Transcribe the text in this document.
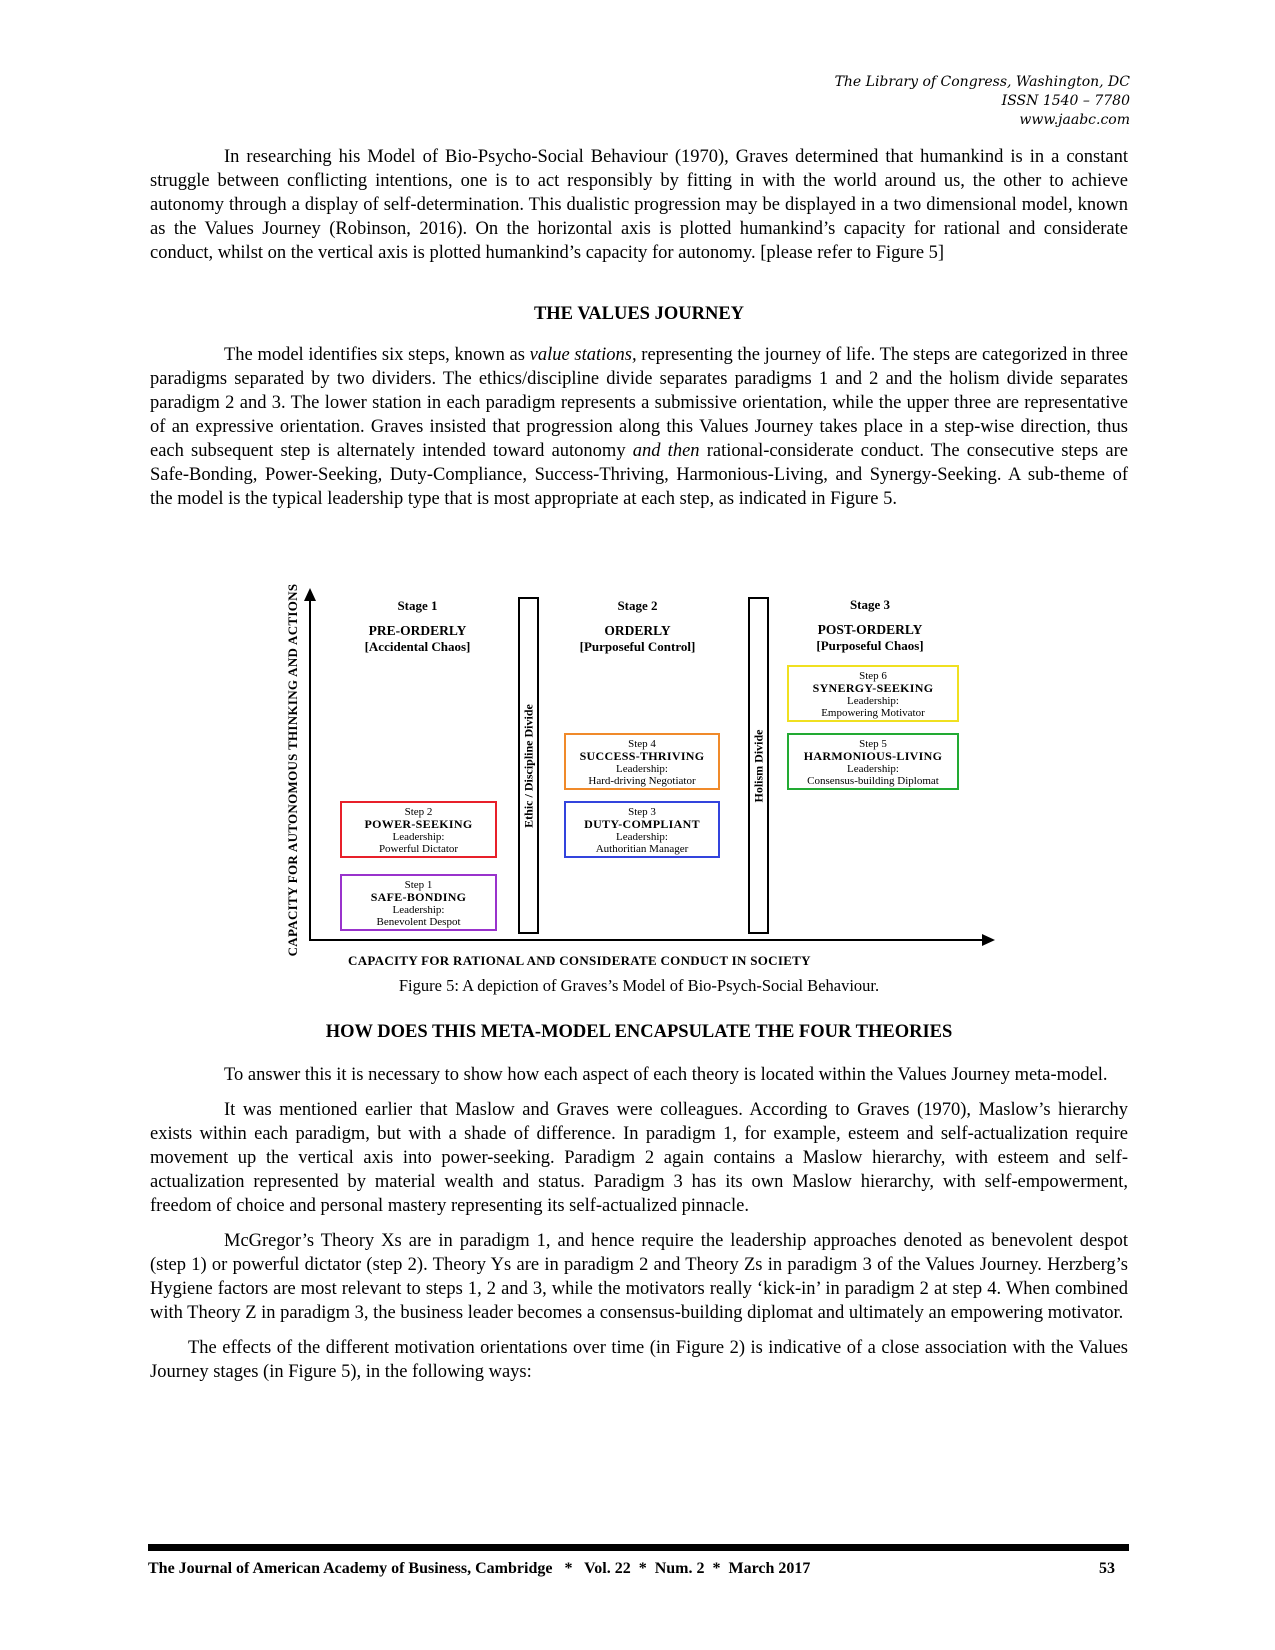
The Library of Congress, Washington, DC
ISSN 1540 – 7780
www.jaabc.com

In researching his Model of Bio-Psycho-Social Behaviour (1970), Graves determined that humankind is in a constant struggle between conflicting intentions, one is to act responsibly by fitting in with the world around us, the other to achieve autonomy through a display of self-determination. This dualistic progression may be displayed in a two dimensional model, known as the Values Journey (Robinson, 2016). On the horizontal axis is plotted humankind’s capacity for rational and considerate conduct, whilst on the vertical axis is plotted humankind’s capacity for autonomy. [please refer to Figure 5]

THE VALUES JOURNEY

The model identifies six steps, known as value stations, representing the journey of life. The steps are categorized in three paradigms separated by two dividers. The ethics/discipline divide separates paradigms 1 and 2 and the holism divide separates paradigm 2 and 3. The lower station in each paradigm represents a submissive orientation, while the upper three are representative of an expressive orientation. Graves insisted that progression along this Values Journey takes place in a step-wise direction, thus each subsequent step is alternately intended toward autonomy and then rational-considerate conduct. The consecutive steps are Safe-Bonding, Power-Seeking, Duty-Compliance, Success-Thriving, Harmonious-Living, and Synergy-Seeking. A sub-theme of the model is the typical leadership type that is most appropriate at each step, as indicated in Figure 5.

CAPACITY FOR AUTONOMOUS THINKING AND ACTIONS
CAPACITY FOR RATIONAL AND CONSIDERATE CONDUCT IN SOCIETY
Stage 1
PRE-ORDERLY
[Accidental Chaos]
Stage 2
ORDERLY
[Purposeful Control]
Stage 3
POST-ORDERLY
[Purposeful Chaos]
Ethic / Discipline Divide	Holism Divide
Step 1
SAFE-BONDING
Leadership:
Benevolent Despot
Step 2
POWER-SEEKING
Leadership:
Powerful Dictator
Step 3
DUTY-COMPLIANT
Leadership:
Authoritian Manager
Step 4
SUCCESS-THRIVING
Leadership:
Hard-driving Negotiator
Step 5
HARMONIOUS-LIVING
Leadership:
Consensus-building Diplomat
Step 6
SYNERGY-SEEKING
Leadership:
Empowering Motivator
Figure 5: A depiction of Graves’s Model of Bio-Psych-Social Behaviour.
HOW DOES THIS META-MODEL ENCAPSULATE THE FOUR THEORIES

To answer this it is necessary to show how each aspect of each theory is located within the Values Journey meta-model.

It was mentioned earlier that Maslow and Graves were colleagues. According to Graves (1970), Maslow’s hierarchy exists within each paradigm, but with a shade of difference. In paradigm 1, for example, esteem and self-actualization require movement up the vertical axis into power-seeking. Paradigm 2 again contains a Maslow hierarchy, with esteem and self-actualization represented by material wealth and status. Paradigm 3 has its own Maslow hierarchy, with self-empowerment, freedom of choice and personal mastery representing its self-actualized pinnacle.

McGregor’s Theory Xs are in paradigm 1, and hence require the leadership approaches denoted as benevolent despot (step 1) or powerful dictator (step 2). Theory Ys are in paradigm 2 and Theory Zs in paradigm 3 of the Values Journey. Herzberg’s Hygiene factors are most relevant to steps 1, 2 and 3, while the motivators really ‘kick-in’ in paradigm 2 at step 4. When combined with Theory Z in paradigm 3, the business leader becomes a consensus-building diplomat and ultimately an empowering motivator.

The effects of the different motivation orientations over time (in Figure 2) is indicative of a close association with the Values Journey stages (in Figure 5), in the following ways:

The Journal of American Academy of Business, Cambridge   *   Vol. 22  *  Num. 2  *  March 2017	53
